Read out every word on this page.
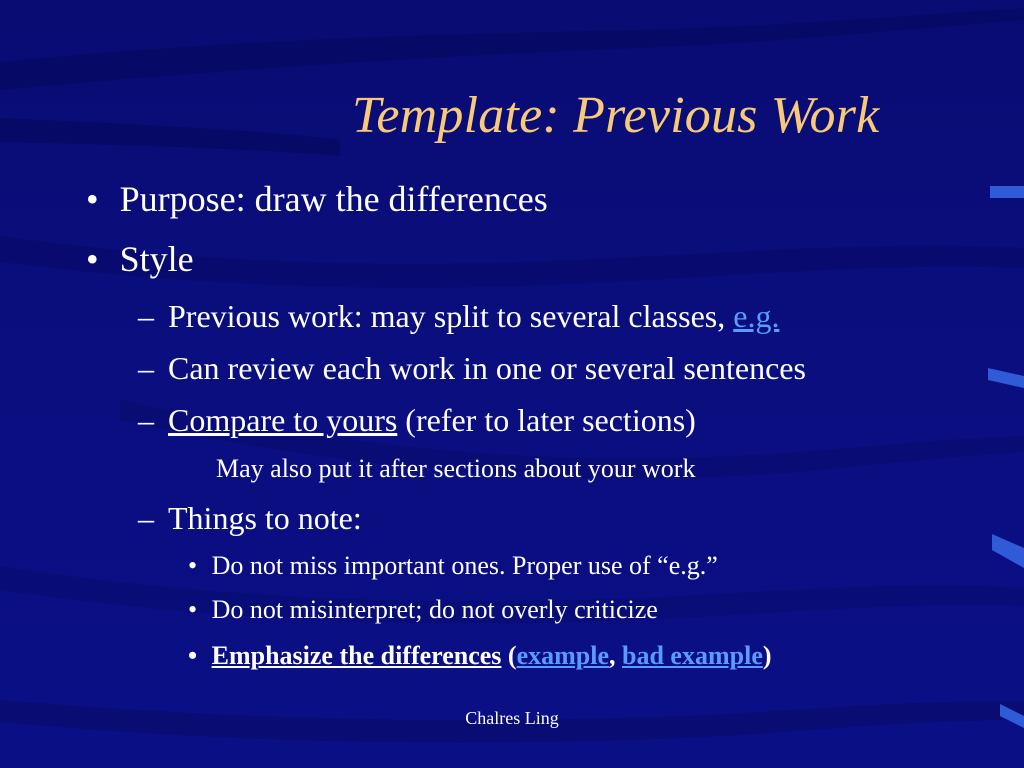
Template: Previous Work
• Purpose: draw the differences
• Style
– Previous work: may split to several classes, e.g.
– Can review each work in one or several sentences
– Compare to yours (refer to later sections)
May also put it after sections about your work
– Things to note:
• Do not miss important ones. Proper use of “e.g.”
• Do not misinterpret; do not overly criticize
• Emphasize the differences (example, bad example)
Chalres Ling
